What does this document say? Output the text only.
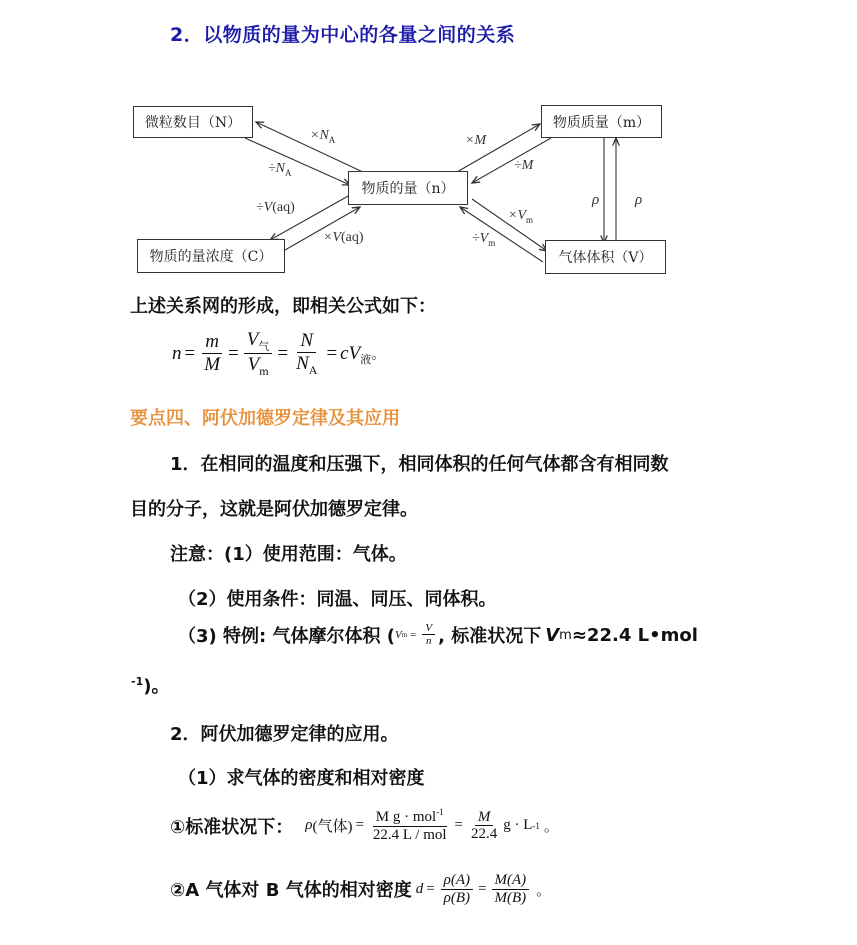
2．以物质的量为中心的各量之间的关系
微粒数目（N）
物质的量（n）
物质质量（m）
物质的量浓度（C）	气体体积（V）
$\times N_A$
$\div N_A$
÷V(aq)
×V(aq)
×M
÷M
$\times V_m$
$\div V_m$
ρ ρ
上述关系网的形成，即相关公式如下：
$n = \frac{m}{M} = \frac{V_气}{V_m} = \frac{N}{N_A} = cV_液$ 。
要点四、阿伏加德罗定律及其应用
1．在相同的温度和压强下，相同体积的任何气体都含有相同数
目的分子，这就是阿伏加德罗定律。
注意：(1）使用范围：气体。
（2）使用条件：同温、同压、同体积。
（3) 特例: 气体摩尔体积 ( V $m = \frac{V}{n}$ , 标准状况下 V m ≈22.4 L•mol
$^{-1}$)。
2．阿伏加德罗定律的应用。
（1）求气体的密度和相对密度
①标准状况下： ρ (气体) = $\frac{M g \cdot mol^{-1}}{\text{22.4 L / mol}} = \frac{M}{22.4}$ g · L -1 。
②A 气体对 B 气体的相对密度 $d = \frac{\rho(A)}{\rho(B)} = \frac{M(A)}{M(B)}$ 。
